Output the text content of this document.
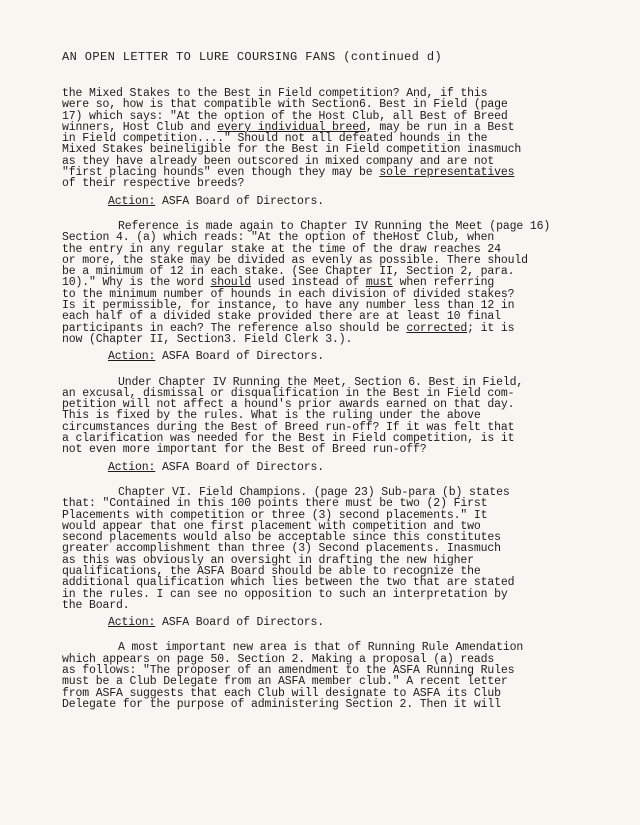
AN OPEN LETTER TO LURE COURSING FANS (continued d)

the Mixed Stakes to the Best in Field competition? And, if this
were so, how is that compatible with Section6. Best in Field (page
17) which says: "At the option of the Host Club, all Best of Breed
winners, Host Club and every individual breed, may be run in a Best
in Field competition...." Should not all defeated hounds in the
Mixed Stakes beineligible for the Best in Field competition inasmuch
as they have already been outscored in mixed company and are not
"first placing hounds" even though they may be sole representatives
of their respective breeds?

Action: ASFA Board of Directors.

Reference is made again to Chapter IV Running the Meet (page 16)
Section 4. (a) which reads: "At the option of theHost Club, when
the entry in any regular stake at the time of the draw reaches 24
or more, the stake may be divided as evenly as possible. There should
be a minimum of 12 in each stake. (See Chapter II, Section 2, para.
10)." Why is the word should used instead of must when referring
to the minimum number of hounds in each division of divided stakes?
Is it permissible, for instance, to have any number less than 12 in
each half of a divided stake provided there are at least 10 final
participants in each? The reference also should be corrected; it is
now (Chapter II, Section3. Field Clerk 3.).

Action: ASFA Board of Directors.

Under Chapter IV Running the Meet, Section 6. Best in Field,
an excusal, dismissal or disqualification in the Best in Field com-
petition will not affect a hound's prior awards earned on that day.
This is fixed by the rules. What is the ruling under the above
circumstances during the Best of Breed run-off? If it was felt that
a clarification was needed for the Best in Field competition, is it
not even more important for the Best of Breed run-off?

Action: ASFA Board of Directors.

Chapter VI. Field Champions. (page 23) Sub-para (b) states
that: "Contained in this 100 points there must be two (2) First
Placements with competition or three (3) second placements." It
would appear that one first placement with competition and two
second placements would also be acceptable since this constitutes
greater accomplishment than three (3) Second placements. Inasmuch
as this was obviously an oversight in drafting the new higher
qualifications, the ASFA Board should be able to recognize the
additional qualification which lies between the two that are stated
in the rules. I can see no opposition to such an interpretation by
the Board.

Action: ASFA Board of Directors.

A most important new area is that of Running Rule Amendation
which appears on page 50. Section 2. Making a proposal (a) reads
as follows: "The proposer of an amendment to the ASFA Running Rules
must be a Club Delegate from an ASFA member club." A recent letter
from ASFA suggests that each Club will designate to ASFA its Club
Delegate for the purpose of administering Section 2. Then it will
